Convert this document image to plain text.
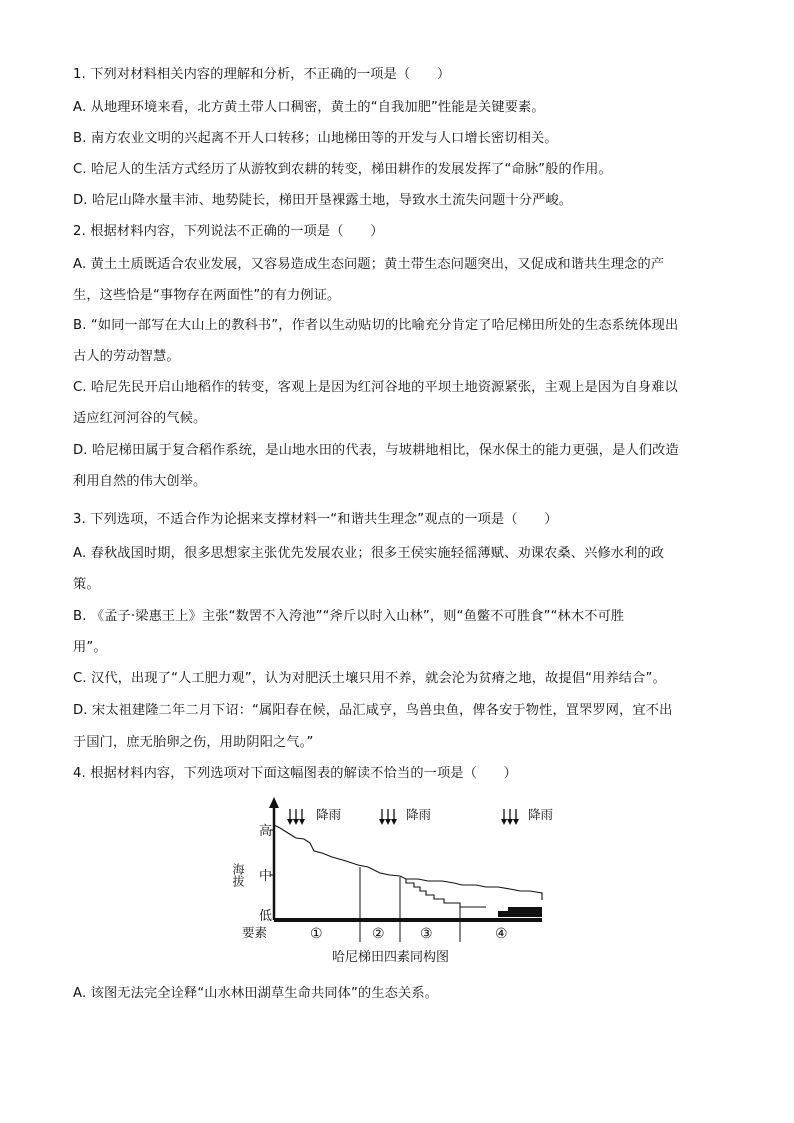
1. 下列对材料相关内容的理解和分析，不正确的一项是（　　）
A. 从地理环境来看，北方黄土带人口稠密，黄土的“自我加肥”性能是关键要素。
B. 南方农业文明的兴起离不开人口转移；山地梯田等的开发与人口增长密切相关。
C. 哈尼人的生活方式经历了从游牧到农耕的转变，梯田耕作的发展发挥了“命脉”般的作用。
D. 哈尼山降水量丰沛、地势陡长，梯田开垦裸露土地，导致水土流失问题十分严峻。
2. 根据材料内容，下列说法不正确的一项是（　　）
A. 黄土土质既适合农业发展，又容易造成生态问题；黄土带生态问题突出，又促成和谐共生理念的产
生，这些恰是“事物存在两面性”的有力例证。
B. “如同一部写在大山上的教科书”，作者以生动贴切的比喻充分肯定了哈尼梯田所处的生态系统体现出
古人的劳动智慧。
C. 哈尼先民开启山地稻作的转变，客观上是因为红河谷地的平坝土地资源紧张，主观上是因为自身难以
适应红河河谷的气候。
D. 哈尼梯田属于复合稻作系统，是山地水田的代表，与坡耕地相比，保水保土的能力更强，是人们改造
利用自然的伟大创举。
3. 下列选项，不适合作为论据来支撑材料一“和谐共生理念”观点的一项是（　　）
A. 春秋战国时期，很多思想家主张优先发展农业；很多王侯实施轻徭薄赋、劝课农桑、兴修水利的政
策。
B. 《孟子·梁惠王上》主张“数罟不入洿池”“斧斤以时入山林”，则“鱼鳖不可胜食”“林木不可胜
用”。
C. 汉代，出现了“人工肥力观”，认为对肥沃土壤只用不养，就会沦为贫瘠之地，故提倡“用养结合”。
D. 宋太祖建隆二年二月下诏：“属阳春在候，品汇咸亨，鸟兽虫鱼，俾各安于物性，罝罘罗网，宜不出
于国门，庶无胎卵之伤，用助阴阳之气。”
4. 根据材料内容，下列选项对下面这幅图表的解读不恰当的一项是（　　）
高
中
低
海拔
降雨	降雨	降雨
要素	①	②	③	④
哈尼梯田四素同构图
A. 该图无法完全诠释“山水林田湖草生命共同体”的生态关系。
